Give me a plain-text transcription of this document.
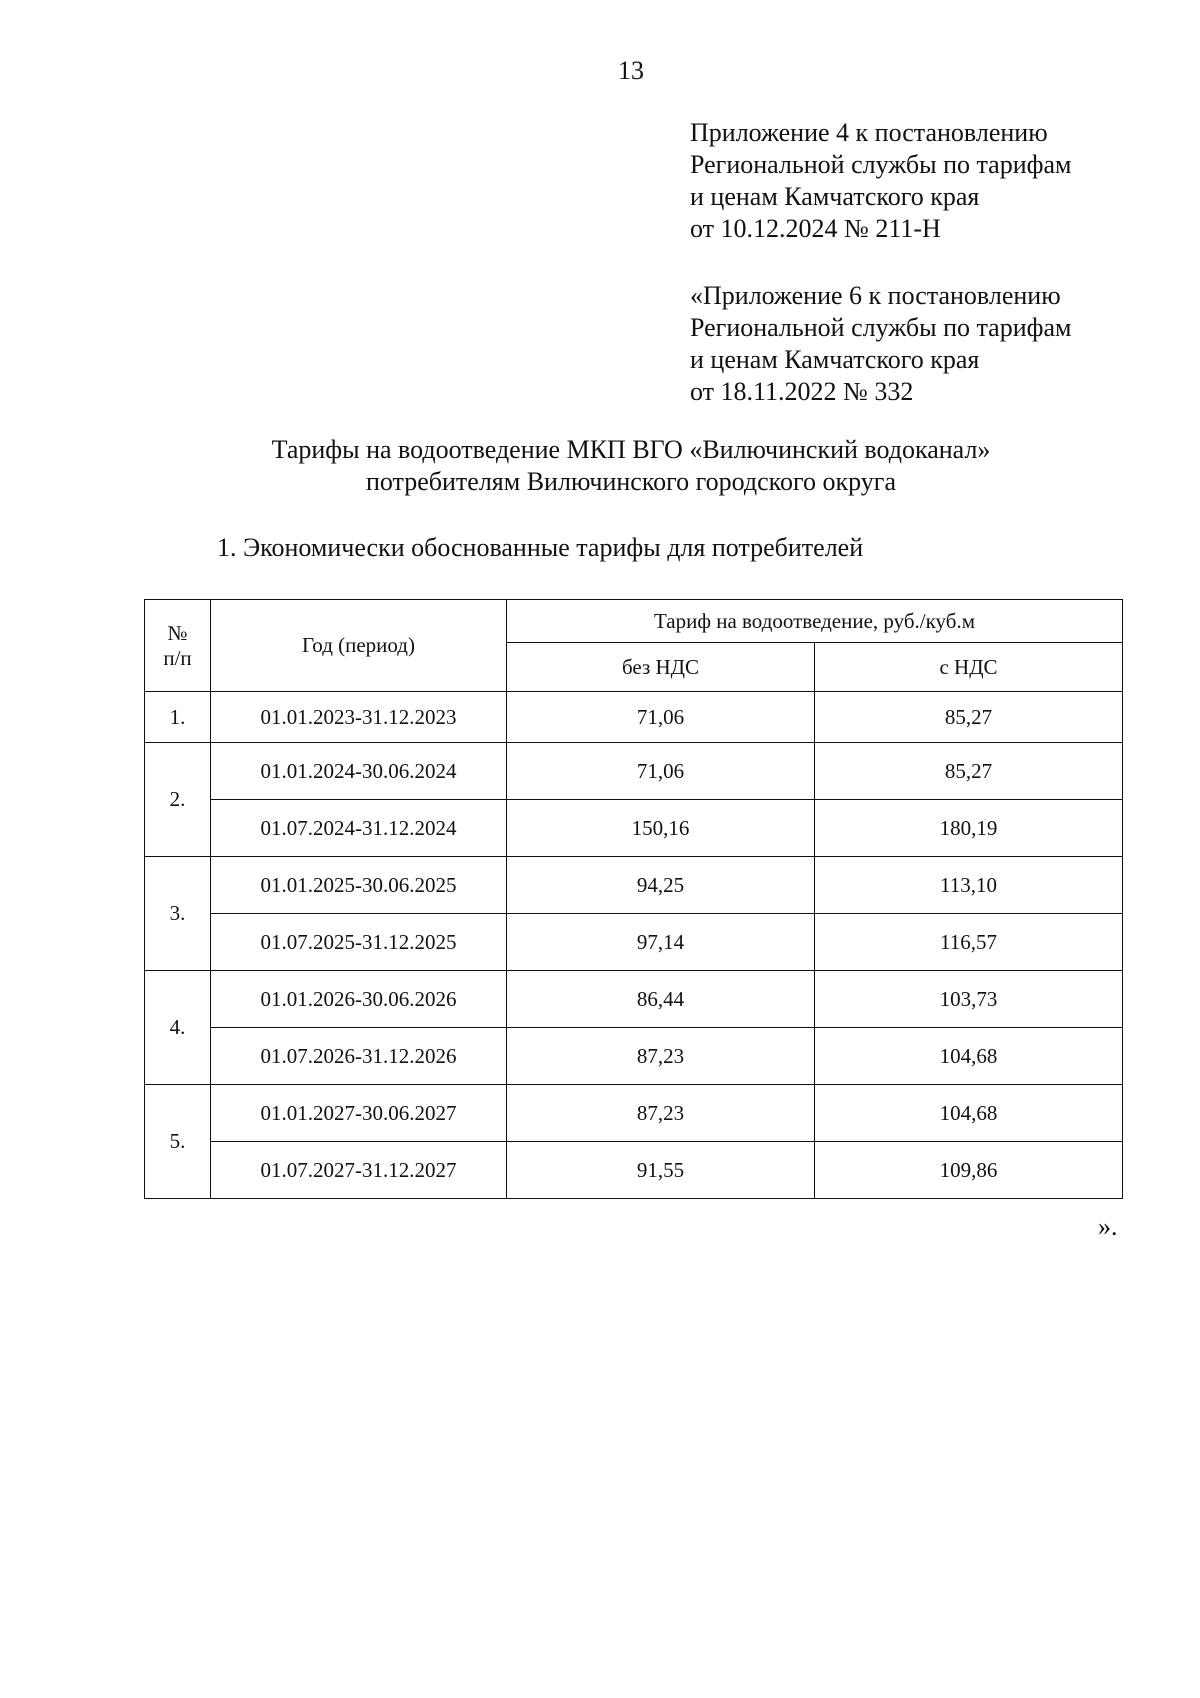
13
Приложение 4 к постановлению
Региональной службы по тарифам
и ценам Камчатского края
от 10.12.2024 № 211-Н
«Приложение 6 к постановлению
Региональной службы по тарифам
и ценам Камчатского края
от 18.11.2022 № 332
Тарифы на водоотведение МКП ВГО «Вилючинский водоканал»
потребителям Вилючинского городского округа
1. Экономически обоснованные тарифы для потребителей
№
п/п	Год (период)	Тариф на водоотведение, руб./куб.м	
		без НДС	с НДС
1.	01.01.2023-31.12.2023	71,06	85,27
2.	01.01.2024-30.06.2024	71,06	85,27
	01.07.2024-31.12.2024	150,16	180,19
3.	01.01.2025-30.06.2025	94,25	113,10
	01.07.2025-31.12.2025	97,14	116,57
4.	01.01.2026-30.06.2026	86,44	103,73
	01.07.2026-31.12.2026	87,23	104,68
5.	01.01.2027-30.06.2027	87,23	104,68
	01.07.2027-31.12.2027	91,55	109,86
».
